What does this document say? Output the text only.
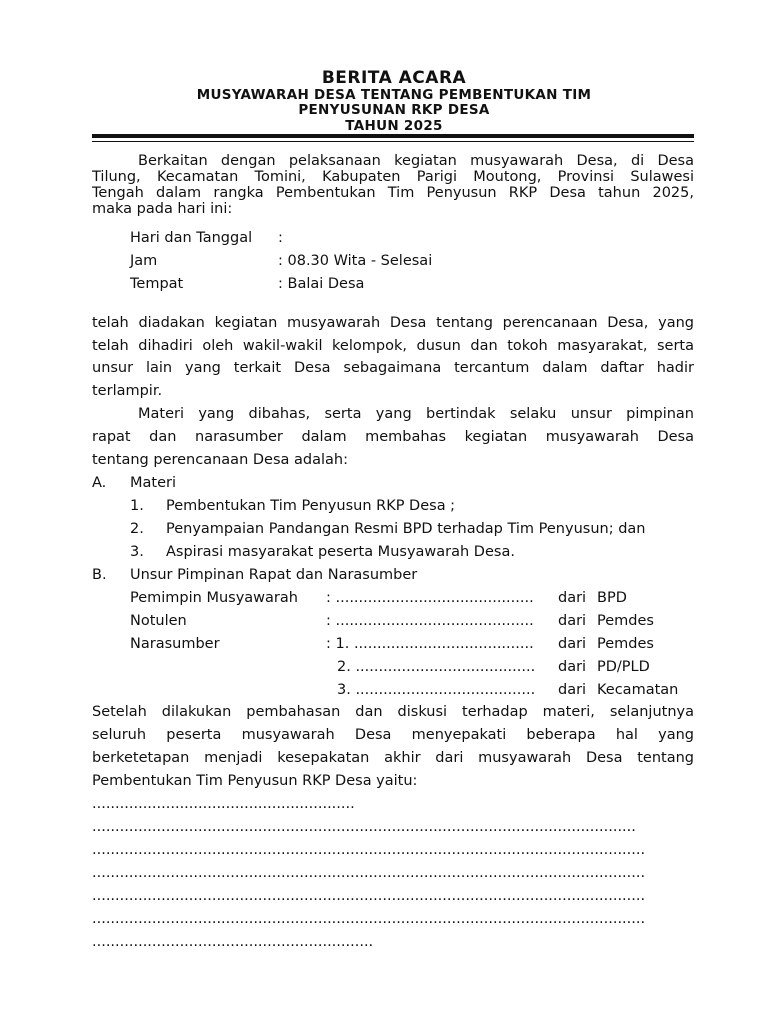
BERITA ACARA
MUSYAWARAH DESA TENTANG PEMBENTUKAN TIM
PENYUSUNAN RKP DESA
TAHUN 2025
Berkaitan dengan pelaksanaan kegiatan musyawarah Desa, di Desa
Tilung, Kecamatan Tomini, Kabupaten Parigi Moutong, Provinsi Sulawesi
Tengah dalam rangka Pembentukan Tim Penyusun RKP Desa tahun 2025,
maka pada hari ini:
Hari dan Tanggal :
Jam	: 08.30 Wita - Selesai
Tempat	: Balai Desa
telah diadakan kegiatan musyawarah Desa tentang perencanaan Desa, yang
telah dihadiri oleh wakil-wakil kelompok, dusun dan tokoh masyarakat, serta
unsur lain yang terkait Desa sebagaimana tercantum dalam daftar hadir
terlampir.
Materi yang dibahas, serta yang bertindak selaku unsur pimpinan
rapat dan narasumber dalam membahas kegiatan musyawarah Desa
tentang perencanaan Desa adalah:
A. Materi
1. Pembentukan Tim Penyusun RKP Desa ;
2. Penyampaian Pandangan Resmi BPD terhadap Tim Penyusun; dan
3. Aspirasi masyarakat peserta Musyawarah Desa.
B. Unsur Pimpinan Rapat dan Narasumber
Pemimpin Musyawarah : ...........................................	dari BPD
Notulen	: ...........................................	dari Pemdes
Narasumber	: 1. .......................................	dari Pemdes
2. .......................................	dari PD/PLD
3. .......................................	dari Kecamatan
Setelah dilakukan pembahasan dan diskusi terhadap materi, selanjutnya
seluruh peserta musyawarah Desa menyepakati beberapa hal yang
berketetapan menjadi kesepakatan akhir dari musyawarah Desa tentang
Pembentukan Tim Penyusun RKP Desa yaitu:
.........................................................
......................................................................................................................
........................................................................................................................
........................................................................................................................
........................................................................................................................
........................................................................................................................
.............................................................
